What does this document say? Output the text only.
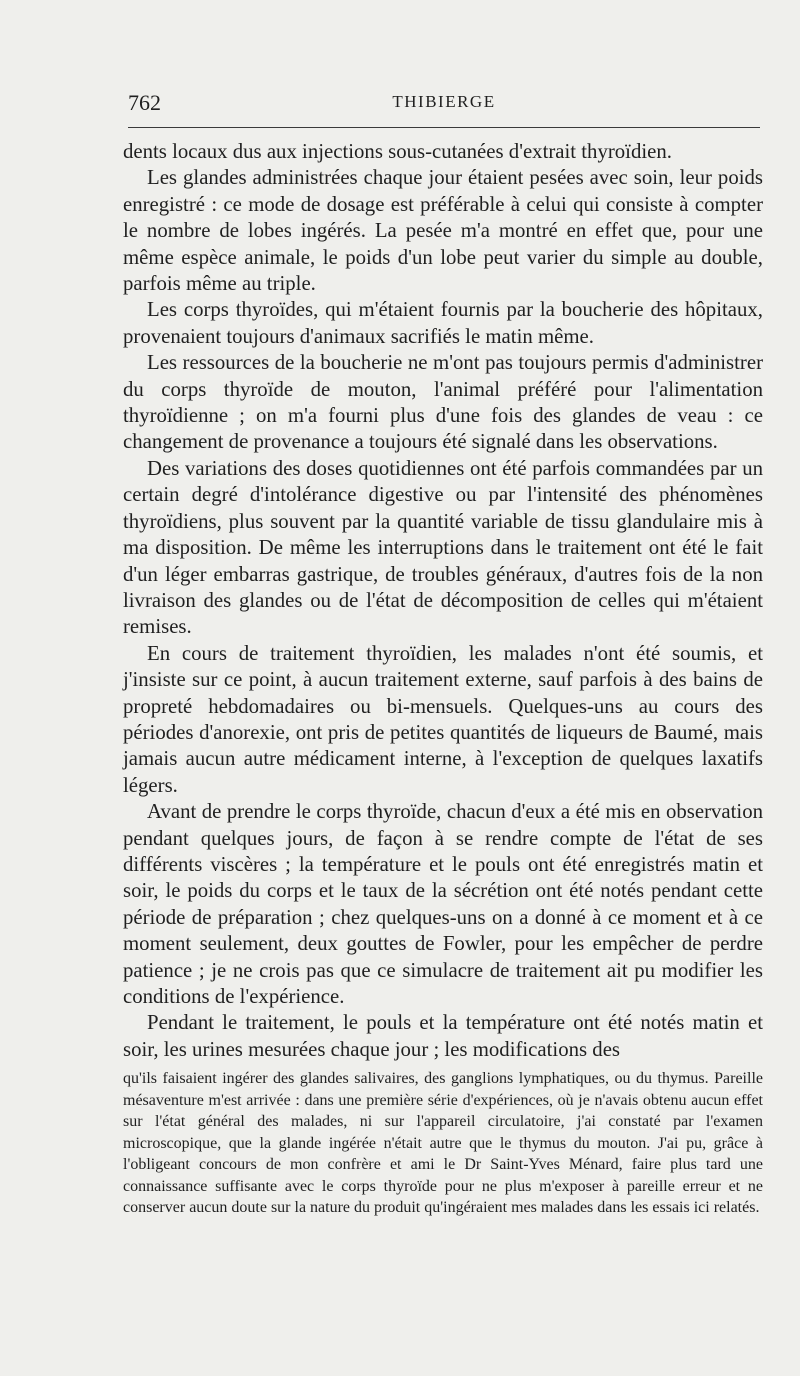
762	THIBIERGE

dents locaux dus aux injections sous-cutanées d'extrait thyroïdien.

Les glandes administrées chaque jour étaient pesées avec soin, leur poids enregistré : ce mode de dosage est préférable à celui qui consiste à compter le nombre de lobes ingérés. La pesée m'a montré en effet que, pour une même espèce animale, le poids d'un lobe peut varier du simple au double, parfois même au triple.

Les corps thyroïdes, qui m'étaient fournis par la boucherie des hôpitaux, provenaient toujours d'animaux sacrifiés le matin même.

Les ressources de la boucherie ne m'ont pas toujours permis d'administrer du corps thyroïde de mouton, l'animal préféré pour l'alimentation thyroïdienne ; on m'a fourni plus d'une fois des glandes de veau : ce changement de provenance a toujours été signalé dans les observations.

Des variations des doses quotidiennes ont été parfois commandées par un certain degré d'intolérance digestive ou par l'intensité des phénomènes thyroïdiens, plus souvent par la quantité variable de tissu glandulaire mis à ma disposition. De même les interruptions dans le traitement ont été le fait d'un léger embarras gastrique, de troubles généraux, d'autres fois de la non livraison des glandes ou de l'état de décomposition de celles qui m'étaient remises.

En cours de traitement thyroïdien, les malades n'ont été soumis, et j'insiste sur ce point, à aucun traitement externe, sauf parfois à des bains de propreté hebdomadaires ou bi-mensuels. Quelques-uns au cours des périodes d'anorexie, ont pris de petites quantités de liqueurs de Baumé, mais jamais aucun autre médicament interne, à l'exception de quelques laxatifs légers.

Avant de prendre le corps thyroïde, chacun d'eux a été mis en observation pendant quelques jours, de façon à se rendre compte de l'état de ses différents viscères ; la température et le pouls ont été enregistrés matin et soir, le poids du corps et le taux de la sécrétion ont été notés pendant cette période de préparation ; chez quelques-uns on a donné à ce moment et à ce moment seulement, deux gouttes de Fowler, pour les empêcher de perdre patience ; je ne crois pas que ce simulacre de traitement ait pu modifier les conditions de l'expérience.

Pendant le traitement, le pouls et la température ont été notés matin et soir, les urines mesurées chaque jour ; les modifications des

qu'ils faisaient ingérer des glandes salivaires, des ganglions lymphatiques, ou du thymus. Pareille mésaventure m'est arrivée : dans une première série d'expériences, où je n'avais obtenu aucun effet sur l'état général des malades, ni sur l'appareil circulatoire, j'ai constaté par l'examen microscopique, que la glande ingérée n'était autre que le thymus du mouton. J'ai pu, grâce à l'obligeant concours de mon confrère et ami le Dr Saint-Yves Ménard, faire plus tard une connaissance suffisante avec le corps thyroïde pour ne plus m'exposer à pareille erreur et ne conserver aucun doute sur la nature du produit qu'ingéraient mes malades dans les essais ici relatés.
